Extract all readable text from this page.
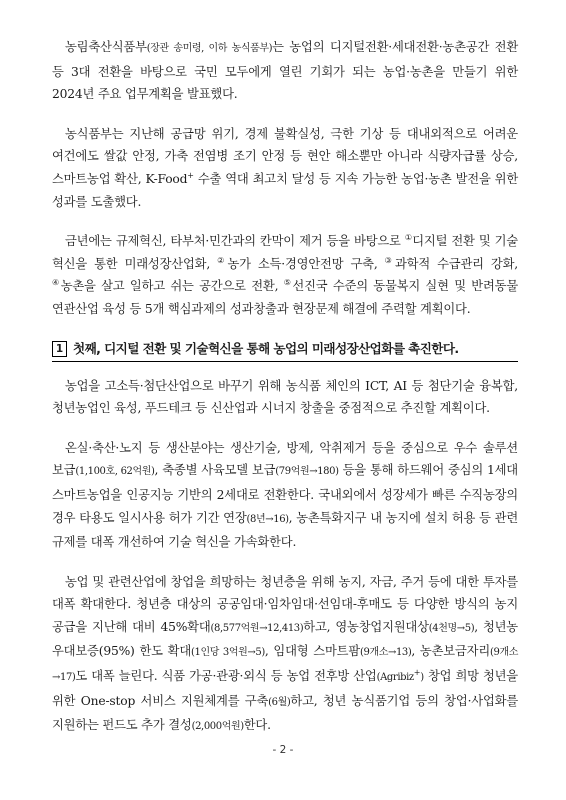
농림축산식품부(장관 송미령, 이하 농식품부)는 농업의 디지털전환·세대전환·농촌공간 전환 등 3대 전환을 바탕으로 국민 모두에게 열린 기회가 되는 농업·농촌을 만들기 위한 2024년 주요 업무계획을 발표했다.

농식품부는 지난해 공급망 위기, 경제 불확실성, 극한 기상 등 대내외적으로 어려운 여건에도 쌀값 안정, 가축 전염병 조기 안정 등 현안 해소뿐만 아니라 식량자급률 상승, 스마트농업 확산, K-Food+ 수출 역대 최고치 달성 등 지속 가능한 농업·농촌 발전을 위한 성과를 도출했다.

금년에는 규제혁신, 타부처·민간과의 칸막이 제거 등을 바탕으로 ①디지털 전환 및 기술 혁신을 통한 미래성장산업화, ②농가 소득·경영안전망 구축, ③과학적 수급관리 강화, ④농촌을 살고 일하고 쉬는 공간으로 전환, ⑤선진국 수준의 동물복지 실현 및 반려동물 연관산업 육성 등 5개 핵심과제의 성과창출과 현장문제 해결에 주력할 계획이다.

1 첫째, 디지털 전환 및 기술혁신을 통해 농업의 미래성장산업화를 촉진한다.

농업을 고소득·첨단산업으로 바꾸기 위해 농식품 체인의 ICT, AI 등 첨단기술 융복합, 청년농업인 육성, 푸드테크 등 신산업과 시너지 창출을 중점적으로 추진할 계획이다.

온실·축산·노지 등 생산분야는 생산기술, 방제, 악취제거 등을 중심으로 우수 솔루션 보급(1,100호, 62억원), 축종별 사육모델 보급(79억원→180) 등을 통해 하드웨어 중심의 1세대 스마트농업을 인공지능 기반의 2세대로 전환한다. 국내외에서 성장세가 빠른 수직농장의 경우 타용도 일시사용 허가 기간 연장(8년→16), 농촌특화지구 내 농지에 설치 허용 등 관련 규제를 대폭 개선하여 기술 혁신을 가속화한다.

농업 및 관련산업에 창업을 희망하는 청년층을 위해 농지, 자금, 주거 등에 대한 투자를 대폭 확대한다. 청년층 대상의 공공임대·임차임대·선임대-후매도 등 다양한 방식의 농지 공급을 지난해 대비 45%확대(8,577억원→12,413)하고, 영농창업지원대상(4천명→5), 청년농 우대보증(95%) 한도 확대(1인당 3억원→5), 임대형 스마트팜(9개소→13), 농촌보금자리(9개소→17)도 대폭 늘린다. 식품 가공·관광·외식 등 농업 전후방 산업(Agribiz+) 창업 희망 청년을 위한 One-stop 서비스 지원체계를 구축(6월)하고, 청년 농식품기업 등의 창업·사업화를 지원하는 펀드도 추가 결성(2,000억원)한다.

- 2 -
